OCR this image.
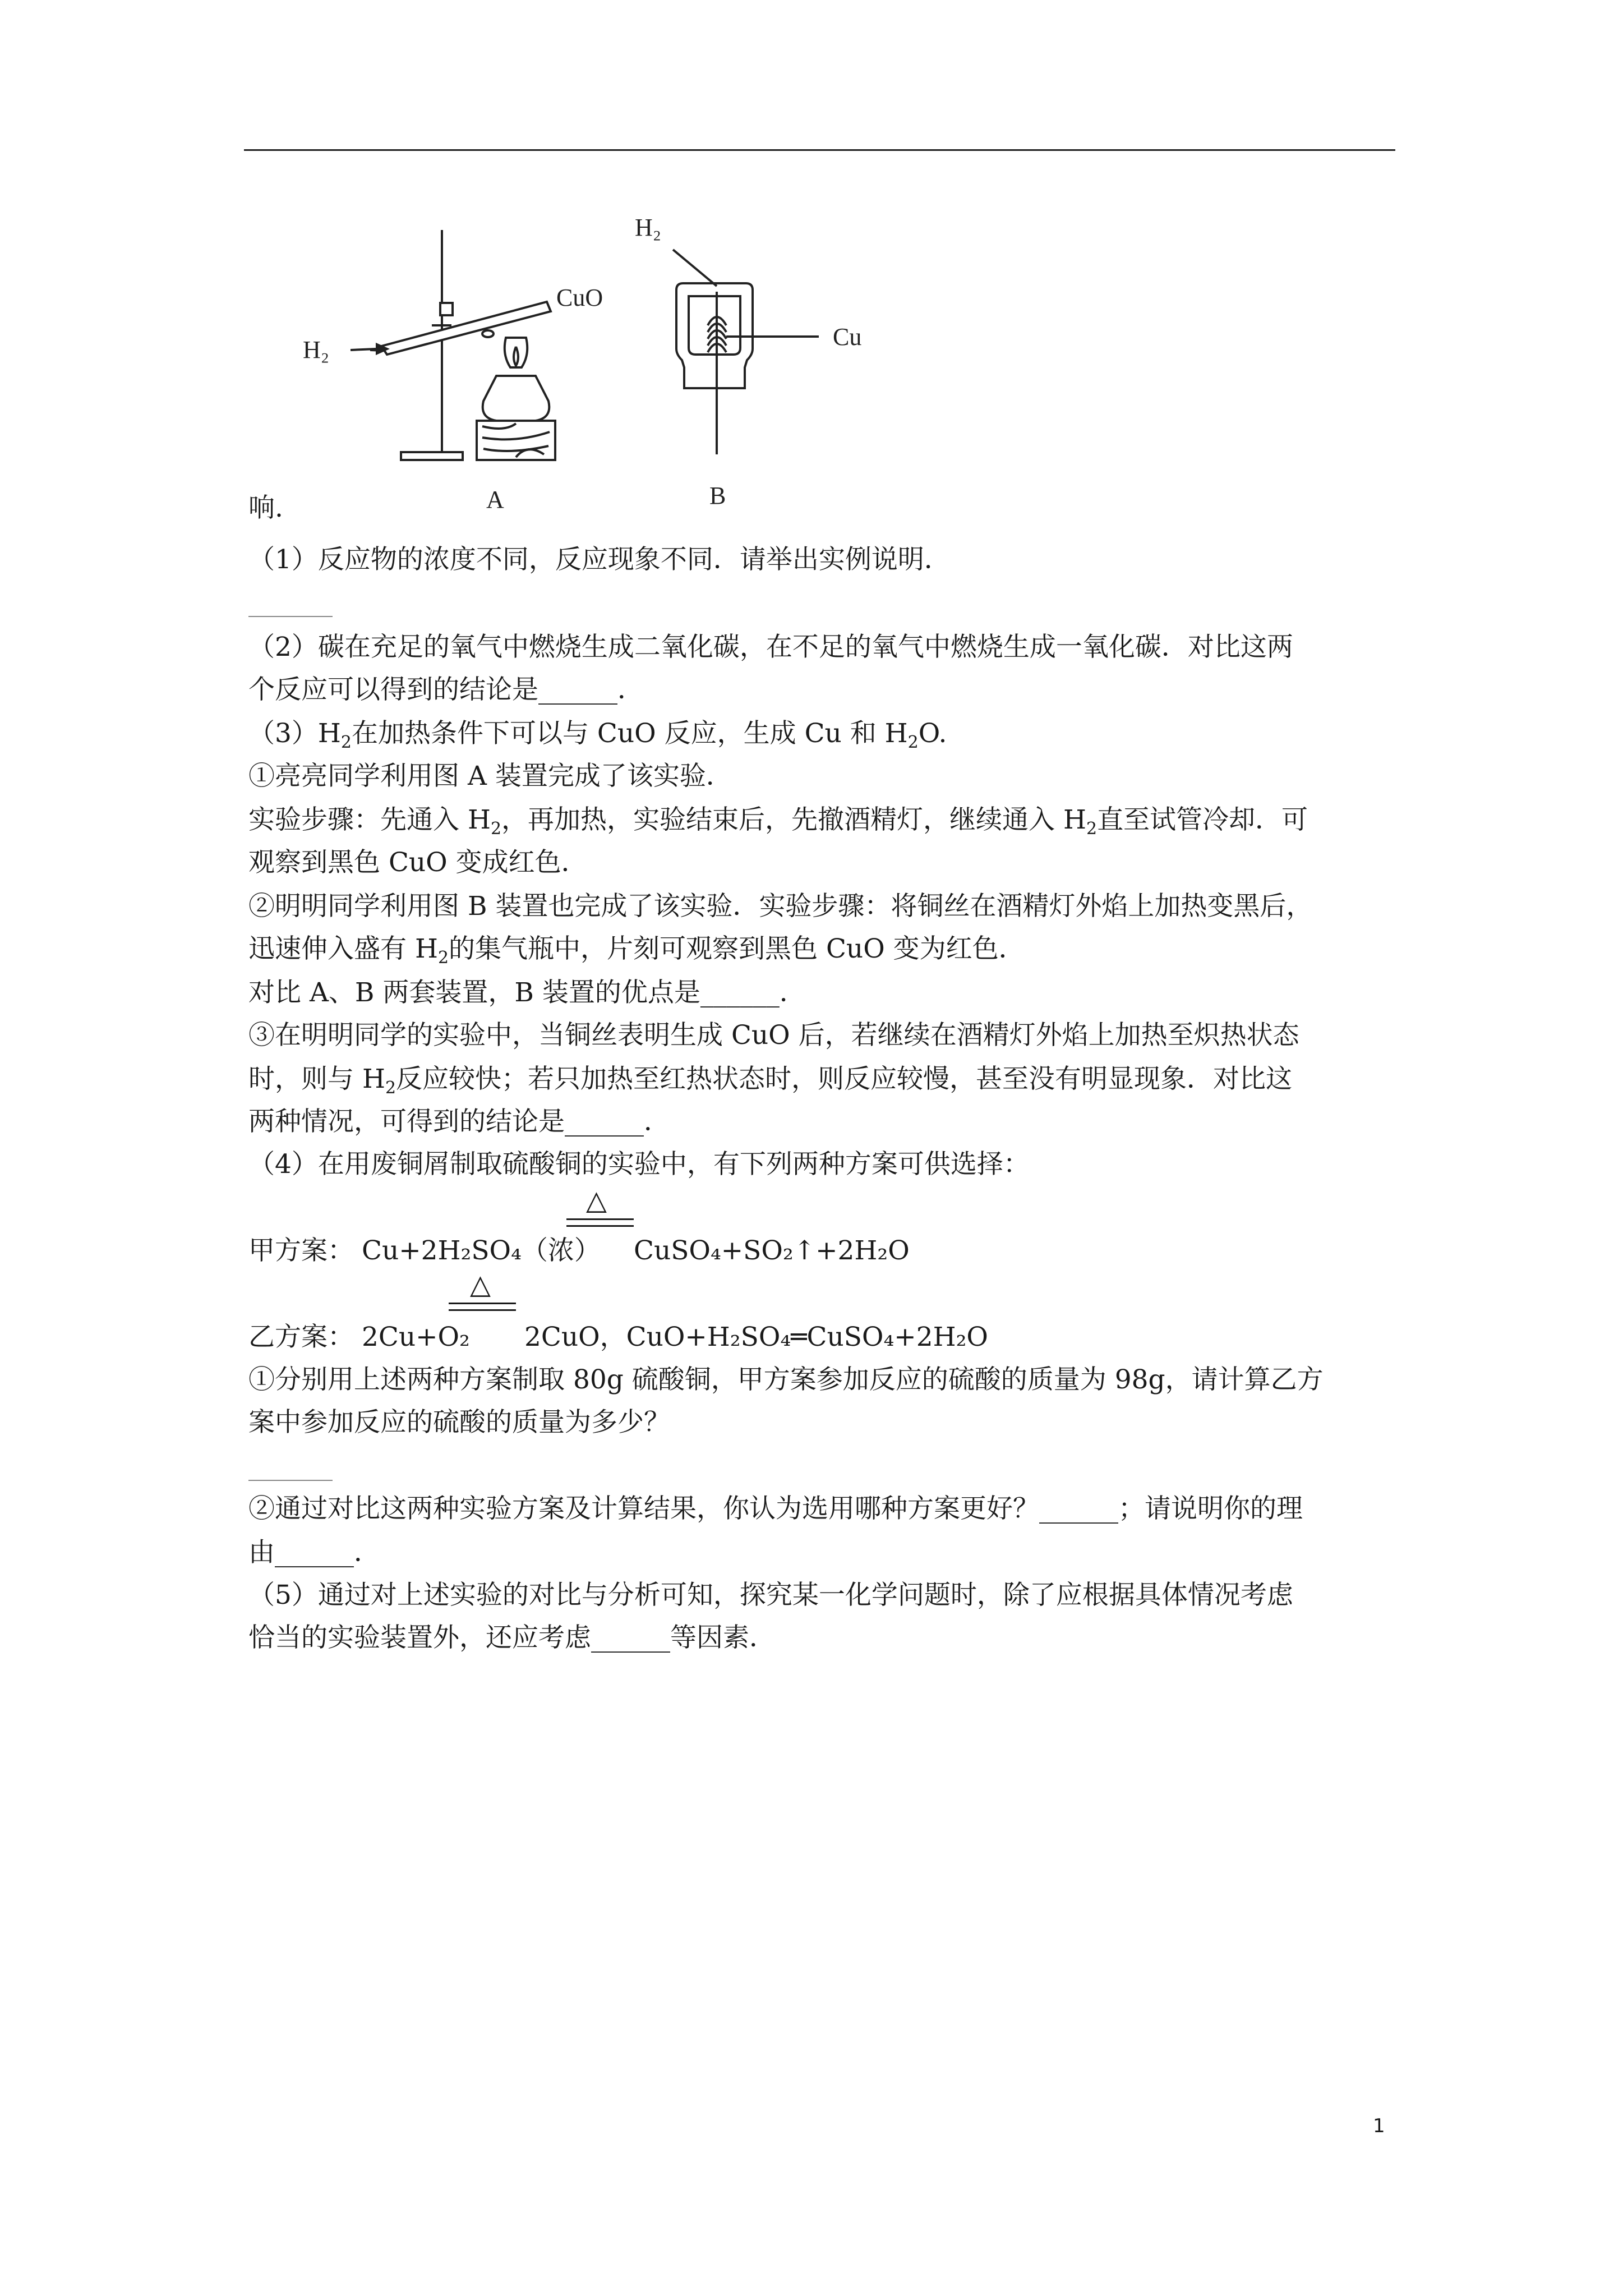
H₂
CuO
A
H₂
Cu
B
响.
（1）反应物的浓度不同，反应现象不同．请举出实例说明．
（2）碳在充足的氧气中燃烧生成二氧化碳，在不足的氧气中燃烧生成一氧化碳．对比这两
个反应可以得到的结论是______．
$(3)H_2$在加热条件下可以与 CuO 反应，生成 Cu 和 $H_2O$.
①亮亮同学利用图 A 装置完成了该实验．
实验步骤：先通入 $H_2$，再加热，实验结束后，先撤酒精灯，继续通入 $H_2$直至试管冷却．可
观察到黑色 CuO 变成红色．
②明明同学利用图 B 装置也完成了该实验．实验步骤：将铜丝在酒精灯外焰上加热变黑后，
迅速伸入盛有 $H_2$的集气瓶中，片刻可观察到黑色 CuO 变为红色．
对比 A、B 两套装置，B 装置的优点是______．
③在明明同学的实验中，当铜丝表明生成 CuO 后，若继续在酒精灯外焰上加热至炽热状态
时，则与 $H_2$反应较快；若只加热至红热状态时，则反应较慢，甚至没有明显现象．对比这
两种情况，可得到的结论是______．
（4）在用废铜屑制取硫酸铜的实验中，有下列两种方案可供选择：
△
甲方案： Cu+2H₂SO₄（浓） CuSO₄+SO₂↑+2H₂O
△
乙方案： 2Cu+O₂ 2CuO，CuO+H₂SO₄═CuSO₄+2H₂O
①分别用上述两种方案制取 80g 硫酸铜，甲方案参加反应的硫酸的质量为 98g，请计算乙方
案中参加反应的硫酸的质量为多少？
②通过对比这两种实验方案及计算结果，你认为选用哪种方案更好？______；请说明你的理
由______．
（5）通过对上述实验的对比与分析可知，探究某一化学问题时，除了应根据具体情况考虑
恰当的实验装置外，还应考虑______等因素．
1
